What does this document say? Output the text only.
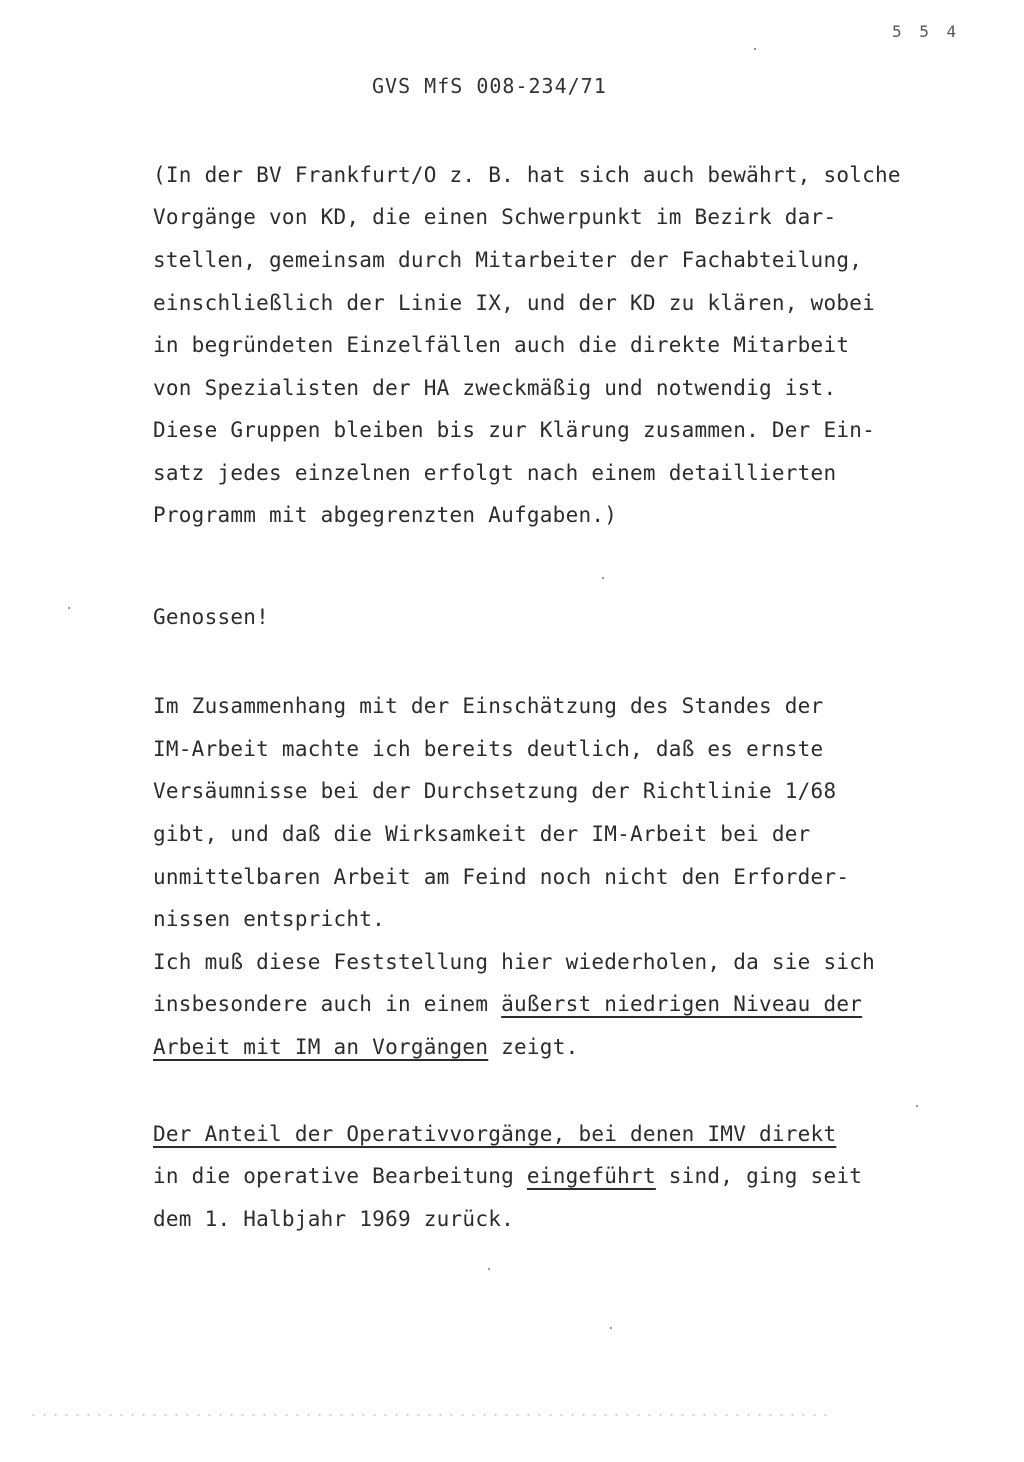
5 5 4
GVS MfS 008-234/71
(In der BV Frankfurt/O z. B. hat sich auch bewährt, solche
Vorgänge von KD, die einen Schwerpunkt im Bezirk dar-
stellen, gemeinsam durch Mitarbeiter der Fachabteilung,
einschließlich der Linie IX, und der KD zu klären, wobei
in begründeten Einzelfällen auch die direkte Mitarbeit
von Spezialisten der HA zweckmäßig und notwendig ist.
Diese Gruppen bleiben bis zur Klärung zusammen. Der Ein-
satz jedes einzelnen erfolgt nach einem detaillierten
Programm mit abgegrenzten Aufgaben.)
Genossen!
Im Zusammenhang mit der Einschätzung des Standes der
IM-Arbeit machte ich bereits deutlich, daß es ernste
Versäumnisse bei der Durchsetzung der Richtlinie 1/68
gibt, und daß die Wirksamkeit der IM-Arbeit bei der
unmittelbaren Arbeit am Feind noch nicht den Erforder-
nissen entspricht.
Ich muß diese Feststellung hier wiederholen, da sie sich
insbesondere auch in einem äußerst niedrigen Niveau der
Arbeit mit IM an Vorgängen zeigt.
Der Anteil der Operativvorgänge, bei denen IMV direkt
in die operative Bearbeitung eingeführt sind, ging seit
dem 1. Halbjahr 1969 zurück.
